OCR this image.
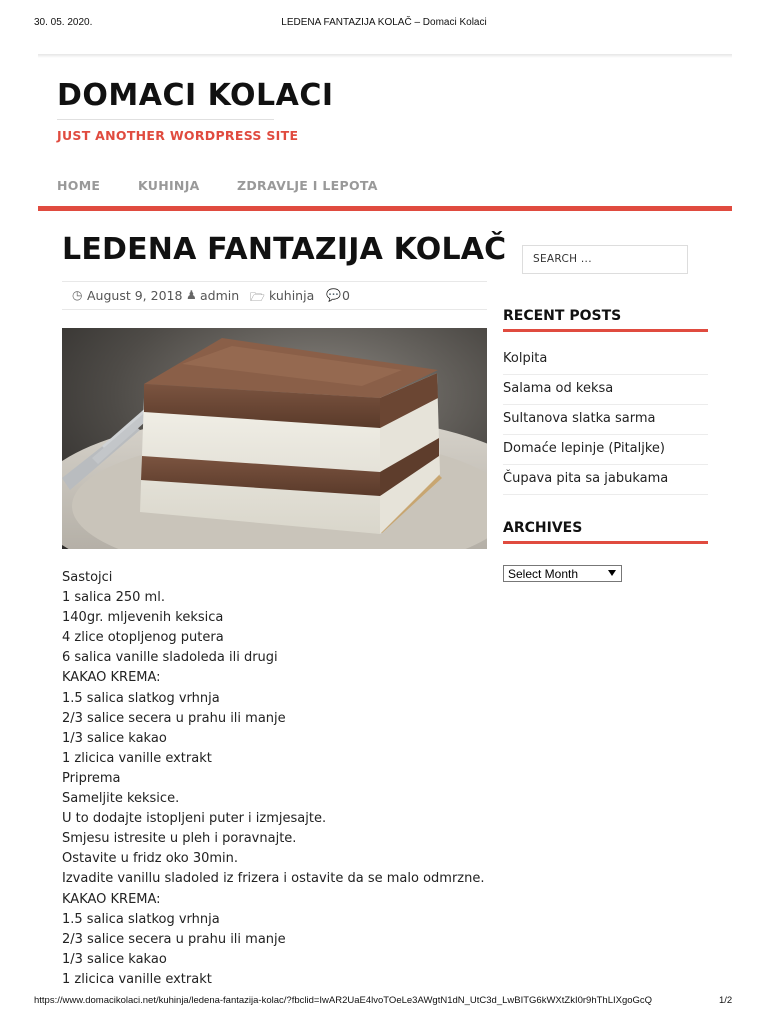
30. 05. 2020.	LEDENA FANTAZIJA KOLAČ – Domaci Kolaci
DOMACI KOLACI
JUST ANOTHER WORDPRESS SITE
HOME	KUHINJA	ZDRAVLJE I LEPOTA
LEDENA FANTAZIJA KOLAČ
◷ August 9, 2018 ♟ admin 🗁 kuhinja 💬 0

Sastojci

1 salica 250 ml.

140gr. mljevenih keksica

4 zlice otopljenog putera

6 salica vanille sladoleda ili drugi

KAKAO KREMA:

1.5 salica slatkog vrhnja

2/3 salice secera u prahu ili manje

1/3 salice kakao

1 zlicica vanille extrakt

Priprema

Sameljite keksice.

U to dodajte istopljeni puter i izmjesajte.

Smjesu istresite u pleh i poravnajte.

Ostavite u fridz oko 30min.

Izvadite vanillu sladoled iz frizera i ostavite da se malo odmrzne.

KAKAO KREMA:

1.5 salica slatkog vrhnja

2/3 salice secera u prahu ili manje

1/3 salice kakao

1 zlicica vanille extrakt

SEARCH ...
RECENT POSTS
Kolpita
Salama od keksa
Sultanova slatka sarma
Domaće lepinje (Pitaljke)
Čupava pita sa jabukama
ARCHIVES
Select Month
https://www.domacikolaci.net/kuhinja/ledena-fantazija-kolac/?fbclid=IwAR2UaE4lvoTOeLe3AWgtN1dN_UtC3d_LwBITG6kWXtZkI0r9hThLIXgoGcQ	1/2
